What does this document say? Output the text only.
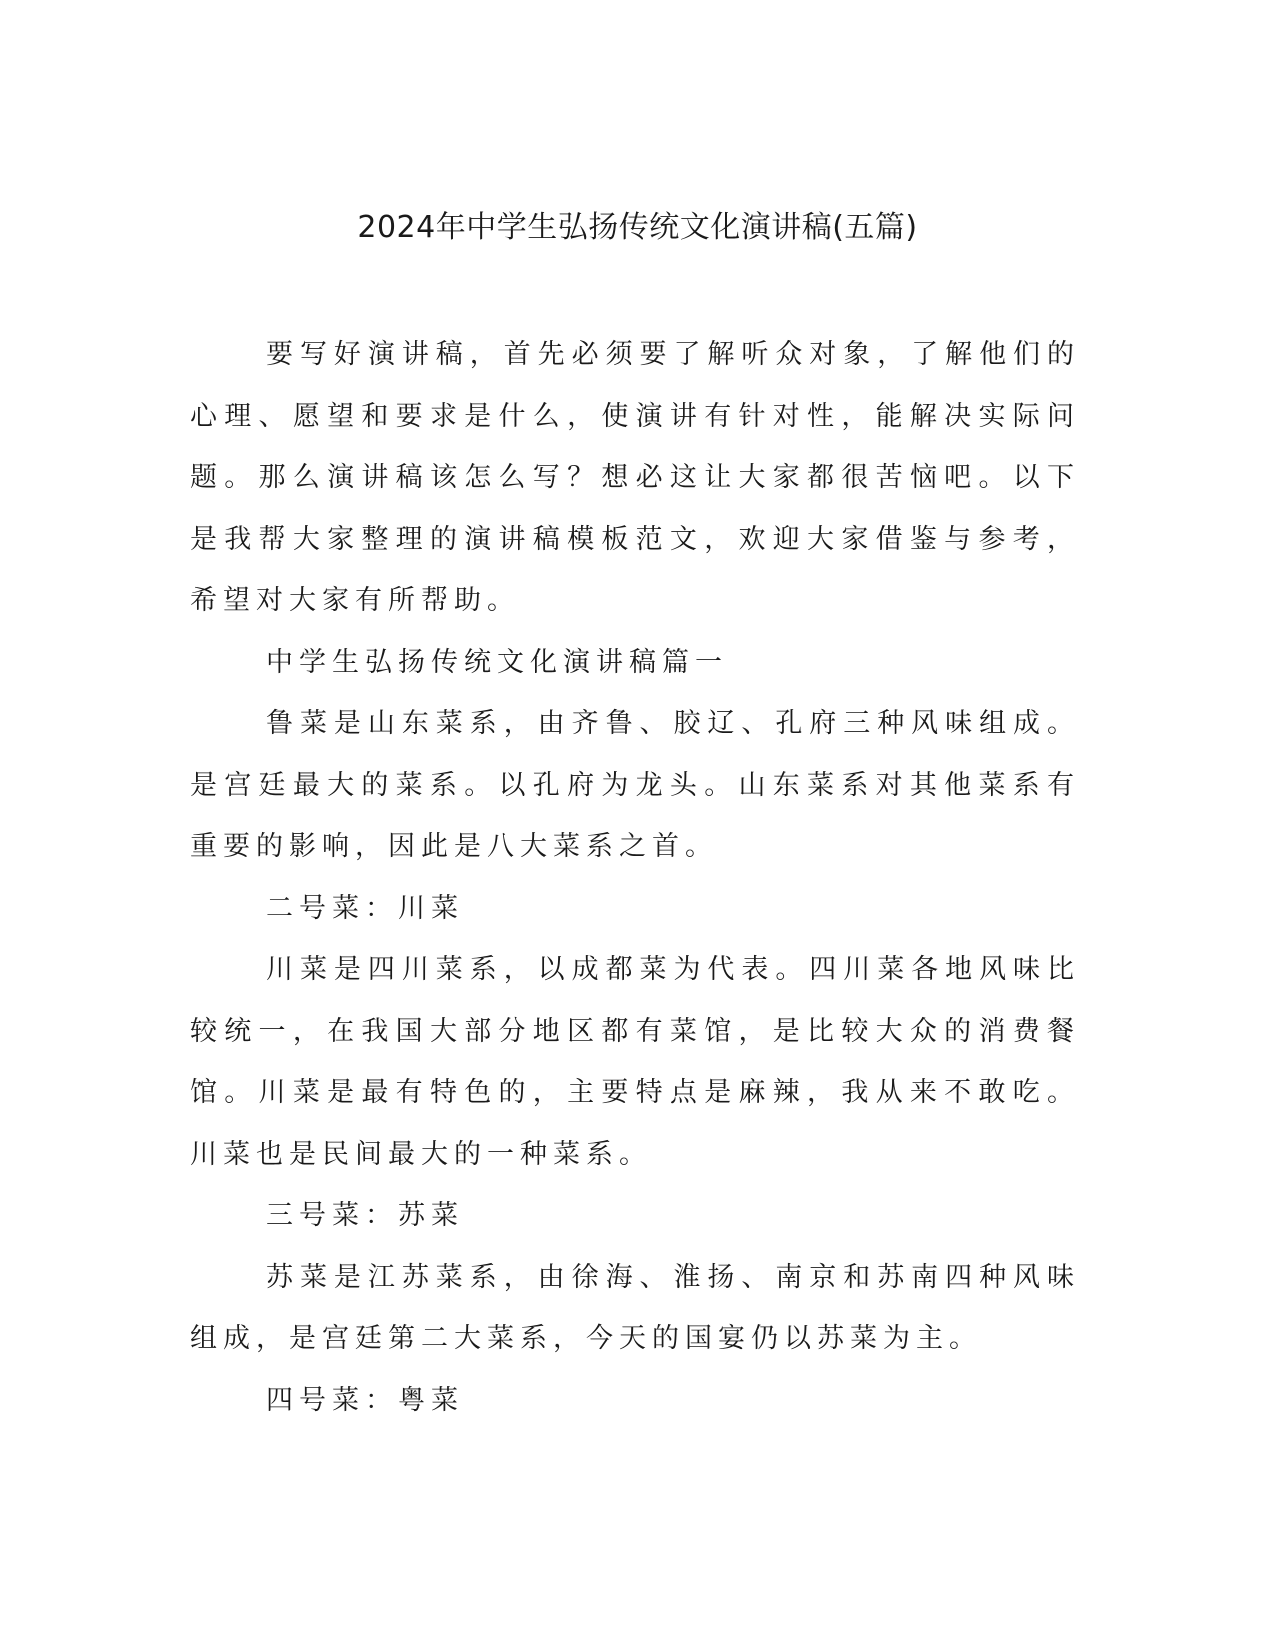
2024年中学生弘扬传统文化演讲稿(五篇)

要写好演讲稿，首先必须要了解听众对象，了解他们的心理、愿望和要求是什么，使演讲有针对性，能解决实际问题。那么演讲稿该怎么写？想必这让大家都很苦恼吧。以下是我帮大家整理的演讲稿模板范文，欢迎大家借鉴与参考，希望对大家有所帮助。

中学生弘扬传统文化演讲稿篇一

鲁菜是山东菜系，由齐鲁、胶辽、孔府三种风味组成。是宫廷最大的菜系。以孔府为龙头。山东菜系对其他菜系有重要的影响，因此是八大菜系之首。

二号菜：川菜

川菜是四川菜系，以成都菜为代表。四川菜各地风味比较统一，在我国大部分地区都有菜馆，是比较大众的消费餐馆。川菜是最有特色的，主要特点是麻辣，我从来不敢吃。川菜也是民间最大的一种菜系。

三号菜：苏菜

苏菜是江苏菜系，由徐海、淮扬、南京和苏南四种风味组成，是宫廷第二大菜系，今天的国宴仍以苏菜为主。

四号菜：粤菜
